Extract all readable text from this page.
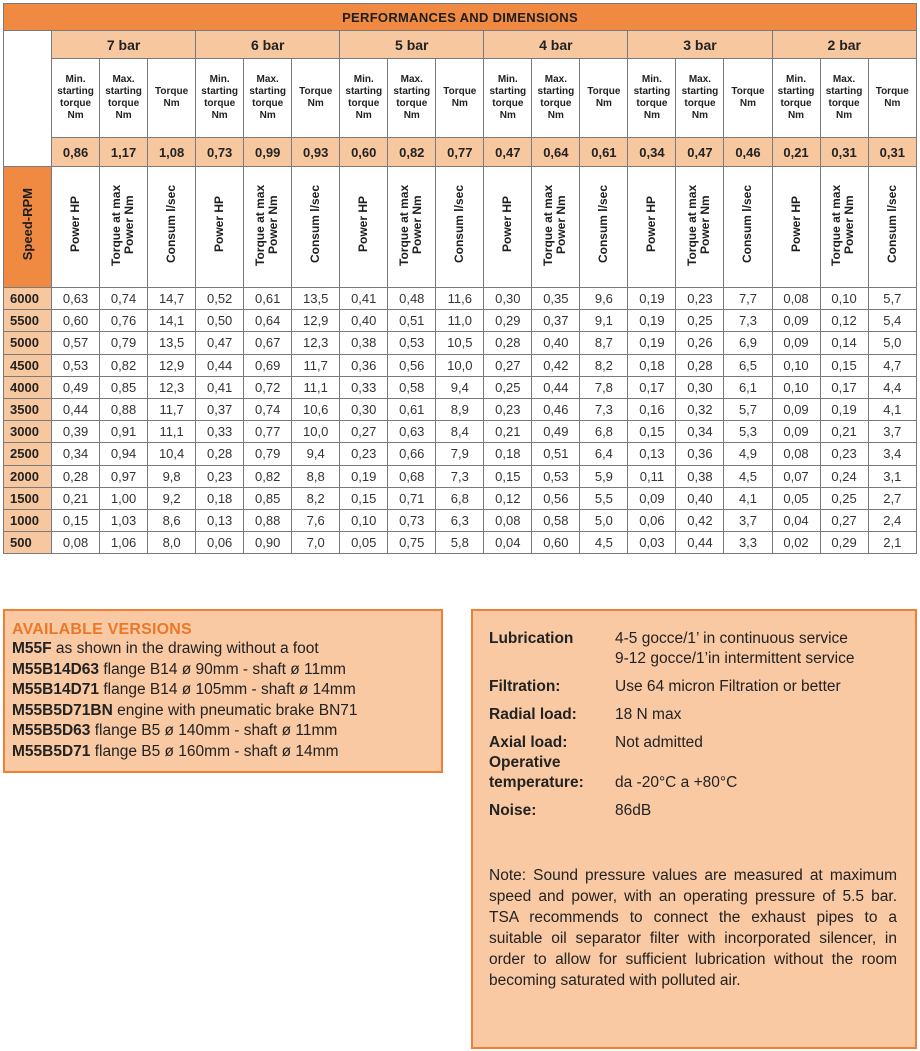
PERFORMANCES AND DIMENSIONS																		
	7 bar			6 bar			5 bar			4 bar			3 bar			2 bar		
	Min. starting torque Nm	Max. starting torque Nm	Torque Nm	Min. starting torque Nm	Max. starting torque Nm	Torque Nm	Min. starting torque Nm	Max. starting torque Nm	Torque Nm	Min. starting torque Nm	Max. starting torque Nm	Torque Nm	Min. starting torque Nm	Max. starting torque Nm	Torque Nm	Min. starting torque Nm	Max. starting torque Nm	Torque Nm
	0,86	1,17	1,08	0,73	0,99	0,93	0,60	0,82	0,77	0,47	0,64	0,61	0,34	0,47	0,46	0,21	0,31	0,31
Speed-RPM	Power HP	Torque at max Power Nm	Consum l/sec	Power HP	Torque at max Power Nm	Consum l/sec	Power HP	Torque at max Power Nm	Consum l/sec	Power HP	Torque at max Power Nm	Consum l/sec	Power HP	Torque at max Power Nm	Consum l/sec	Power HP	Torque at max Power Nm	Consum l/sec
6000	0,63	0,74	14,7	0,52	0,61	13,5	0,41	0,48	11,6	0,30	0,35	9,6	0,19	0,23	7,7	0,08	0,10	5,7
5500	0,60	0,76	14,1	0,50	0,64	12,9	0,40	0,51	11,0	0,29	0,37	9,1	0,19	0,25	7,3	0,09	0,12	5,4
5000	0,57	0,79	13,5	0,47	0,67	12,3	0,38	0,53	10,5	0,28	0,40	8,7	0,19	0,26	6,9	0,09	0,14	5,0
4500	0,53	0,82	12,9	0,44	0,69	11,7	0,36	0,56	10,0	0,27	0,42	8,2	0,18	0,28	6,5	0,10	0,15	4,7
4000	0,49	0,85	12,3	0,41	0,72	11,1	0,33	0,58	9,4	0,25	0,44	7,8	0,17	0,30	6,1	0,10	0,17	4,4
3500	0,44	0,88	11,7	0,37	0,74	10,6	0,30	0,61	8,9	0,23	0,46	7,3	0,16	0,32	5,7	0,09	0,19	4,1
3000	0,39	0,91	11,1	0,33	0,77	10,0	0,27	0,63	8,4	0,21	0,49	6,8	0,15	0,34	5,3	0,09	0,21	3,7
2500	0,34	0,94	10,4	0,28	0,79	9,4	0,23	0,66	7,9	0,18	0,51	6,4	0,13	0,36	4,9	0,08	0,23	3,4
2000	0,28	0,97	9,8	0,23	0,82	8,8	0,19	0,68	7,3	0,15	0,53	5,9	0,11	0,38	4,5	0,07	0,24	3,1
1500	0,21	1,00	9,2	0,18	0,85	8,2	0,15	0,71	6,8	0,12	0,56	5,5	0,09	0,40	4,1	0,05	0,25	2,7
1000	0,15	1,03	8,6	0,13	0,88	7,6	0,10	0,73	6,3	0,08	0,58	5,0	0,06	0,42	3,7	0,04	0,27	2,4
500	0,08	1,06	8,0	0,06	0,90	7,0	0,05	0,75	5,8	0,04	0,60	4,5	0,03	0,44	3,3	0,02	0,29	2,1
AVAILABLE VERSIONS
M55F as shown in the drawing without a foot
M55B14D63 flange B14 ø 90mm - shaft ø 11mm
M55B14D71 flange B14 ø 105mm - shaft ø 14mm
M55B5D71BN engine with pneumatic brake BN71
M55B5D63 flange B5 ø 140mm - shaft ø 11mm
M55B5D71 flange B5 ø 160mm - shaft ø 14mm
Lubrication	4-5 gocce/1’ in continuous service
9-12 gocce/1’in intermittent service
Filtration:	Use 64 micron Filtration or better
Radial load: 18 N max
Axial load:	Not admitted
Operative
temperature: da -20°C a +80°C
Noise:	86dB
Note: Sound pressure values are measured at maximum speed and power, with an operating pressure of 5.5 bar. TSA recommends to connect the exhaust pipes to a suitable oil separator filter with incorporated silencer, in order to allow for sufficient lubrication without the room becoming saturated with polluted air.
